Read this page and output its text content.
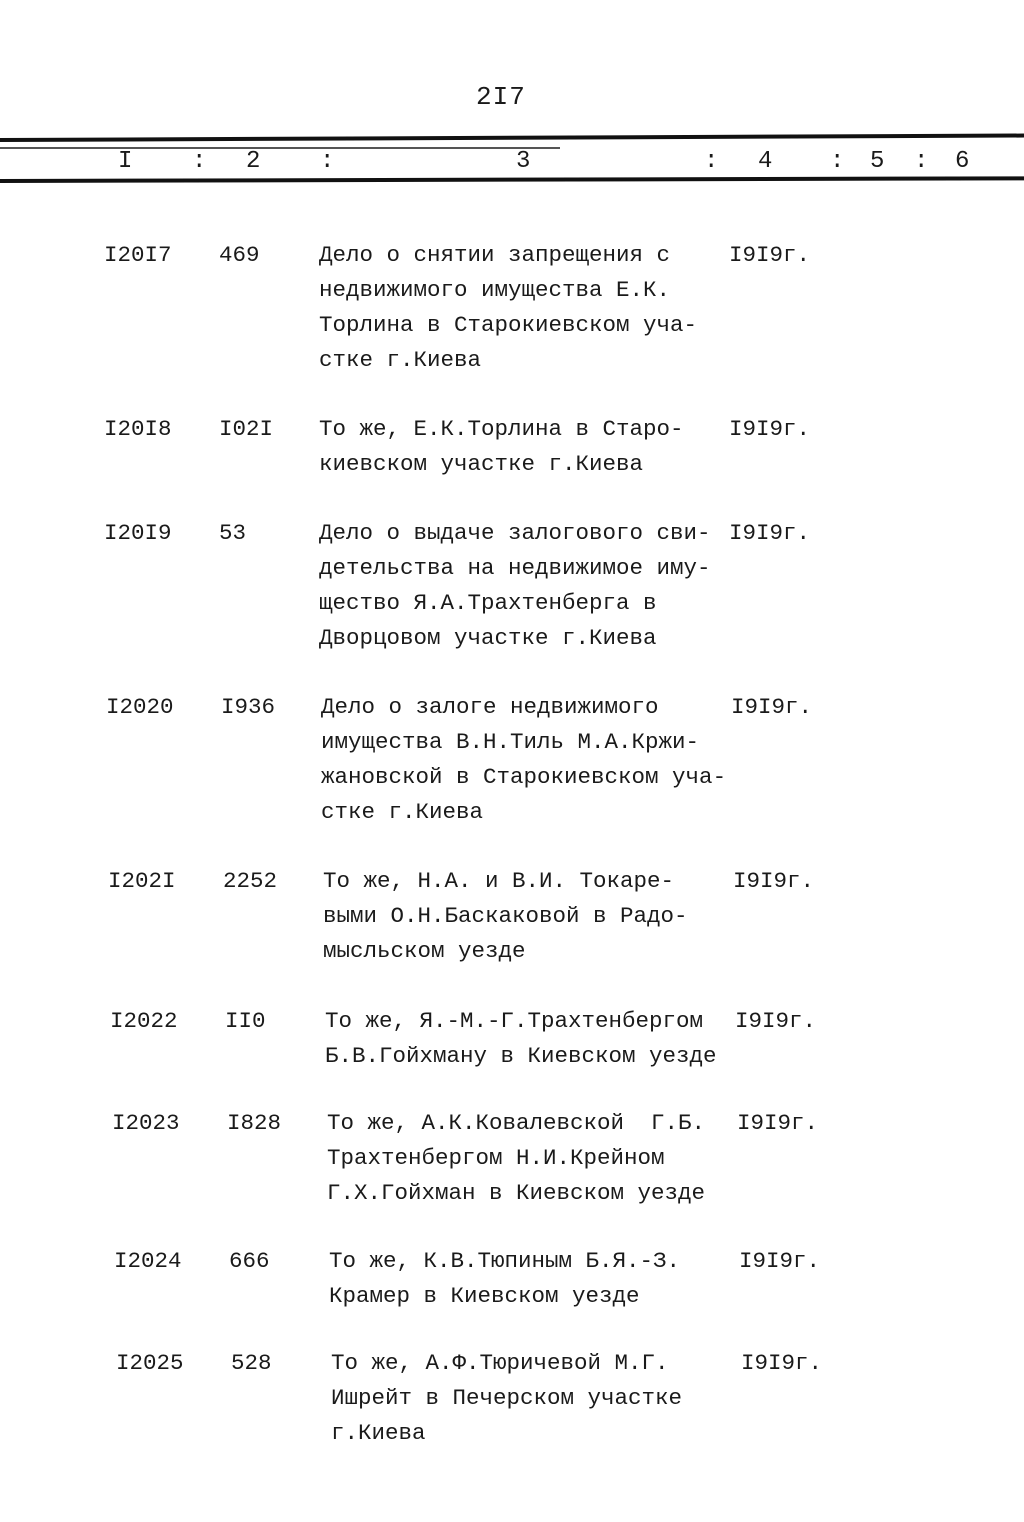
2I7
I : 2 :	3	: 4 : 5 : 6
I20I7	469	Дело о снятии запрещения с
недвижимого имущества Е.К.
Торлина в Старокиевском уча-
стке г.Киева
I9I9г.
I20I8	I02I	То же, Е.К.Торлина в Старо-
киевском участке г.Киева
I9I9г.
I20I9	53	Дело о выдаче залогового сви-
детельства на недвижимое иму-
щество Я.А.Трахтенберга в
Дворцовом участке г.Киева
I9I9г.
I2020	I936	Дело о залоге недвижимого
имущества В.Н.Тиль М.А.Кржи-
жановской в Старокиевском уча-
стке г.Киева
I9I9г.
I202I	2252	То же, Н.А. и В.И. Токаре-
выми О.Н.Баскаковой в Радо-
мысльском уезде
I9I9г.
I2022	II0	То же, Я.-М.-Г.Трахтенбергом
Б.В.Гойхману в Киевском уезде
I9I9г.
I2023	I828	То же, А.К.Ковалевской  Г.Б.
Трахтенбергом Н.И.Крейном
Г.Х.Гойхман в Киевском уезде
I9I9г.
I2024	666	То же, К.В.Тюпиным Б.Я.-З.
Крамер в Киевском уезде
I9I9г.
I2025	528	То же, А.Ф.Тюричевой М.Г.
Ишрейт в Печерском участке
г.Киева
I9I9г.
